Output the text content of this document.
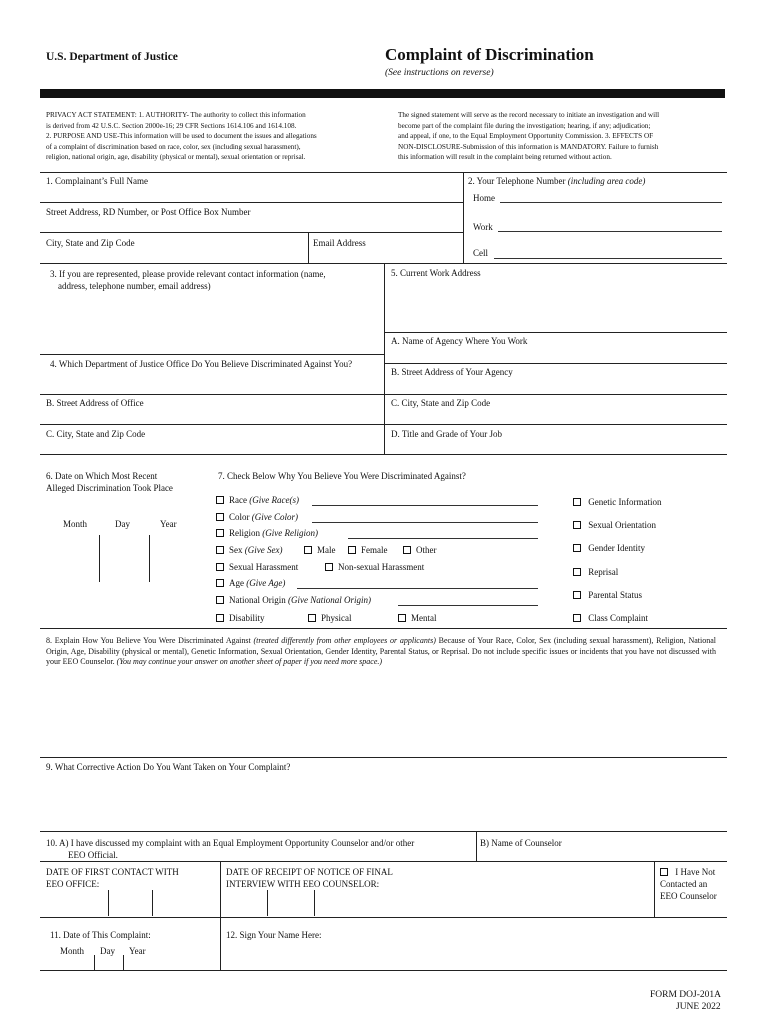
U.S. Department of Justice	Complaint of Discrimination
(See instructions on reverse)
PRIVACY ACT STATEMENT: 1. AUTHORITY- The authority to collect this information
is derived from 42 U.S.C. Section 2000e-16; 29 CFR Sections 1614.106 and 1614.108.
2. PURPOSE AND USE-This information will be used to document the issues and allegations
of a complaint of discrimination based on race, color, sex (including sexual harassment),
religion, national origin, age, disability (physical or mental), sexual orientation or reprisal.
The signed statement will serve as the record necessary to initiate an investigation and will
become part of the complaint file during the investigation; hearing, if any; adjudication;
and appeal, if one, to the Equal Employment Opportunity Commission. 3. EFFECTS OF
NON-DISCLOSURE-Submission of this information is MANDATORY. Failure to furnish
this information will result in the complaint being returned without action.
1. Complainant’s Full Name	2. Your Telephone Number (including area code)
Home
Work
Cell
Street Address, RD Number, or Post Office Box Number
City, State and Zip Code	Email Address
3. If you are represented, please provide relevant contact information (name,
address, telephone number, email address)
5. Current Work Address
A. Name of Agency Where You Work
4. Which Department of Justice Office Do You Believe Discriminated Against You?
B. Street Address of Your Agency
B. Street Address of Office	C. City, State and Zip Code
C. City, State and Zip Code	D. Title and Grade of Your Job
6. Date on Which Most Recent
Alleged Discrimination Took Place
Month	Day	Year
7. Check Below Why You Believe You Were Discriminated Against?
Race (Give Race(s)
Color (Give Color)
Religion (Give Religion)
Sex (Give Sex)	Male	Female	Other
Sexual Harassment	Non-sexual Harassment
Age (Give Age)
National Origin (Give National Origin)
Disability	Physical	Mental
Genetic Information
Sexual Orientation
Gender Identity
Reprisal
Parental Status
Class Complaint
8. Explain How You Believe You Were Discriminated Against (treated differently from other employees or applicants) Because of Your Race, Color, Sex (including sexual harassment), Religion, National Origin, Age, Disability (physical or mental), Genetic Information, Sexual Orientation, Gender Identity, Parental Status, or Reprisal. Do not include specific issues or incidents that you have not discussed with your EEO Counselor. (You may continue your answer on another sheet of paper if you need more space.)
9. What Corrective Action Do You Want Taken on Your Complaint?
10. A) I have discussed my complaint with an Equal Employment Opportunity Counselor and/or other
EEO Official.
B) Name of Counselor
DATE OF FIRST CONTACT WITH
EEO OFFICE:
DATE OF RECEIPT OF NOTICE OF FINAL
INTERVIEW WITH EEO COUNSELOR:
I Have Not
Contacted an
EEO Counselor
11. Date of This Complaint:
Month Day Year
12. Sign Your Name Here:
FORM DOJ-201A
JUNE 2022
